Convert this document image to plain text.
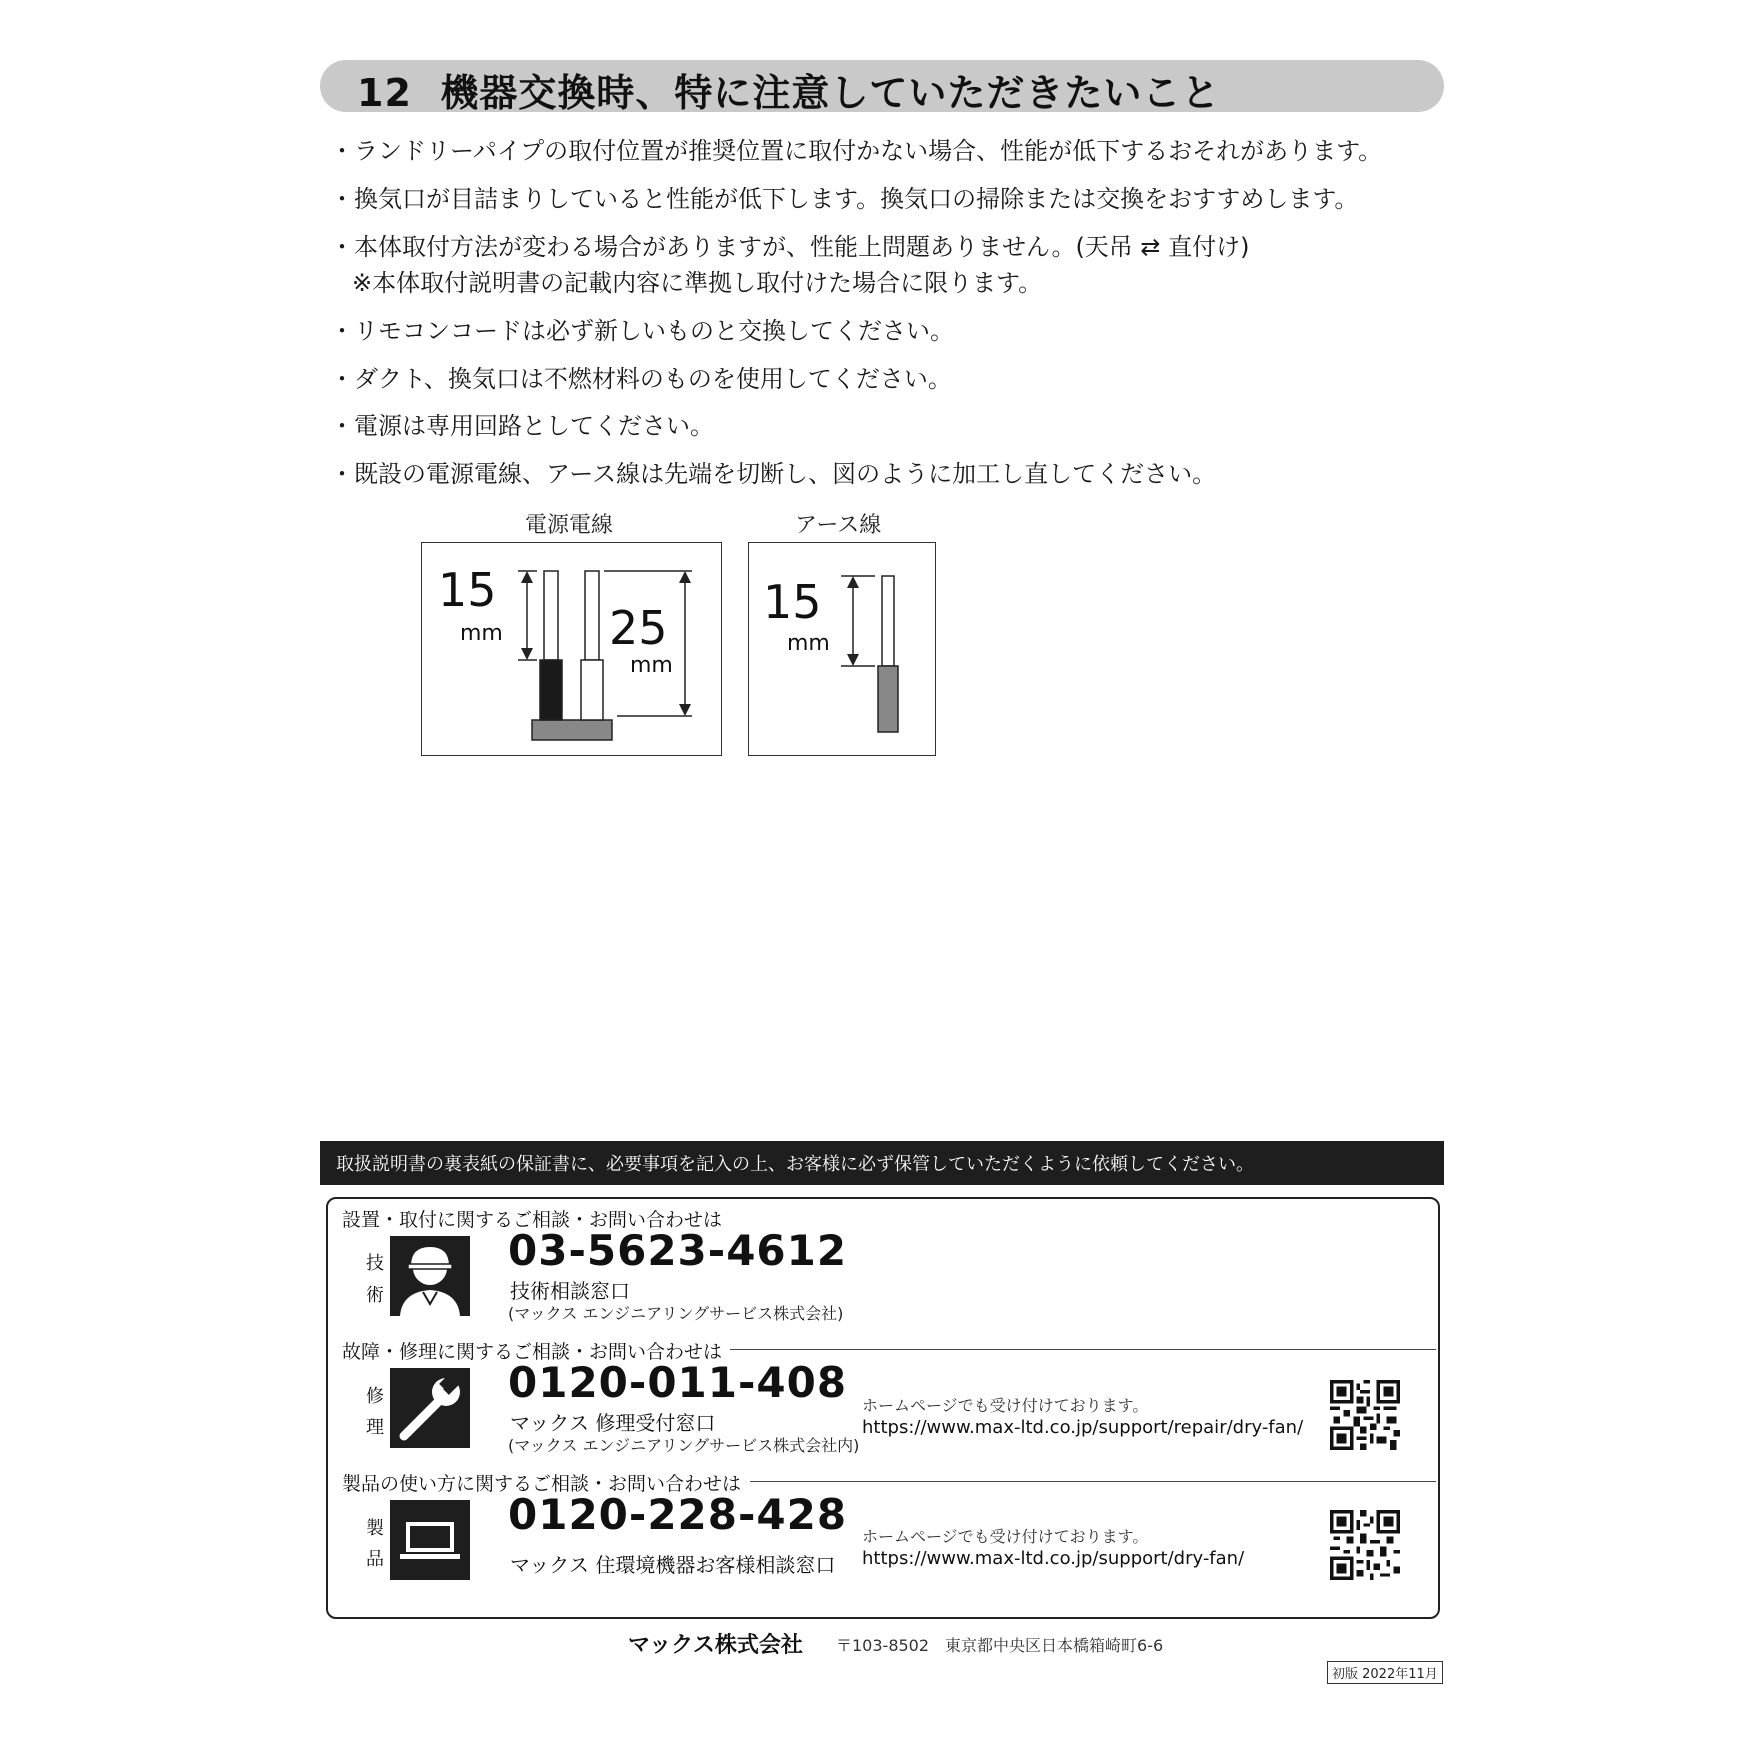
12 機器交換時、特に注意していただきたいこと
・ランドリーパイプの取付位置が推奨位置に取付かない場合、性能が低下するおそれがあります。
・換気口が目詰まりしていると性能が低下します。換気口の掃除または交換をおすすめします。
・本体取付方法が変わる場合がありますが、性能上問題ありません。(天吊 ⇄ 直付け)
※本体取付説明書の記載内容に準拠し取付けた場合に限ります。
・リモコンコードは必ず新しいものと交換してください。
・ダクト、換気口は不燃材料のものを使用してください。
・電源は専用回路としてください。
・既設の電源電線、アース線は先端を切断し、図のように加工し直してください。
電源電線
15
mm 25
mm
アース線
15
mm
取扱説明書の裏表紙の保証書に、必要事項を記入の上、お客様に必ず保管していただくように依頼してください。
設置・取付に関するご相談・お問い合わせは
技
術
03-5623-4612
技術相談窓口
(マックス エンジニアリングサービス株式会社)
故障・修理に関するご相談・お問い合わせは
修
理
0120-011-408
マックス 修理受付窓口
(マックス エンジニアリングサービス株式会社内)
ホームページでも受け付けております。
https://www.max-ltd.co.jp/support/repair/dry-fan/
製品の使い方に関するご相談・お問い合わせは
製
品
0120-228-428
マックス 住環境機器お客様相談窓口
ホームページでも受け付けております。
https://www.max-ltd.co.jp/support/dry-fan/
マックス株式会社 〒103-8502　東京都中央区日本橋箱崎町6-6
初版 2022年11月
